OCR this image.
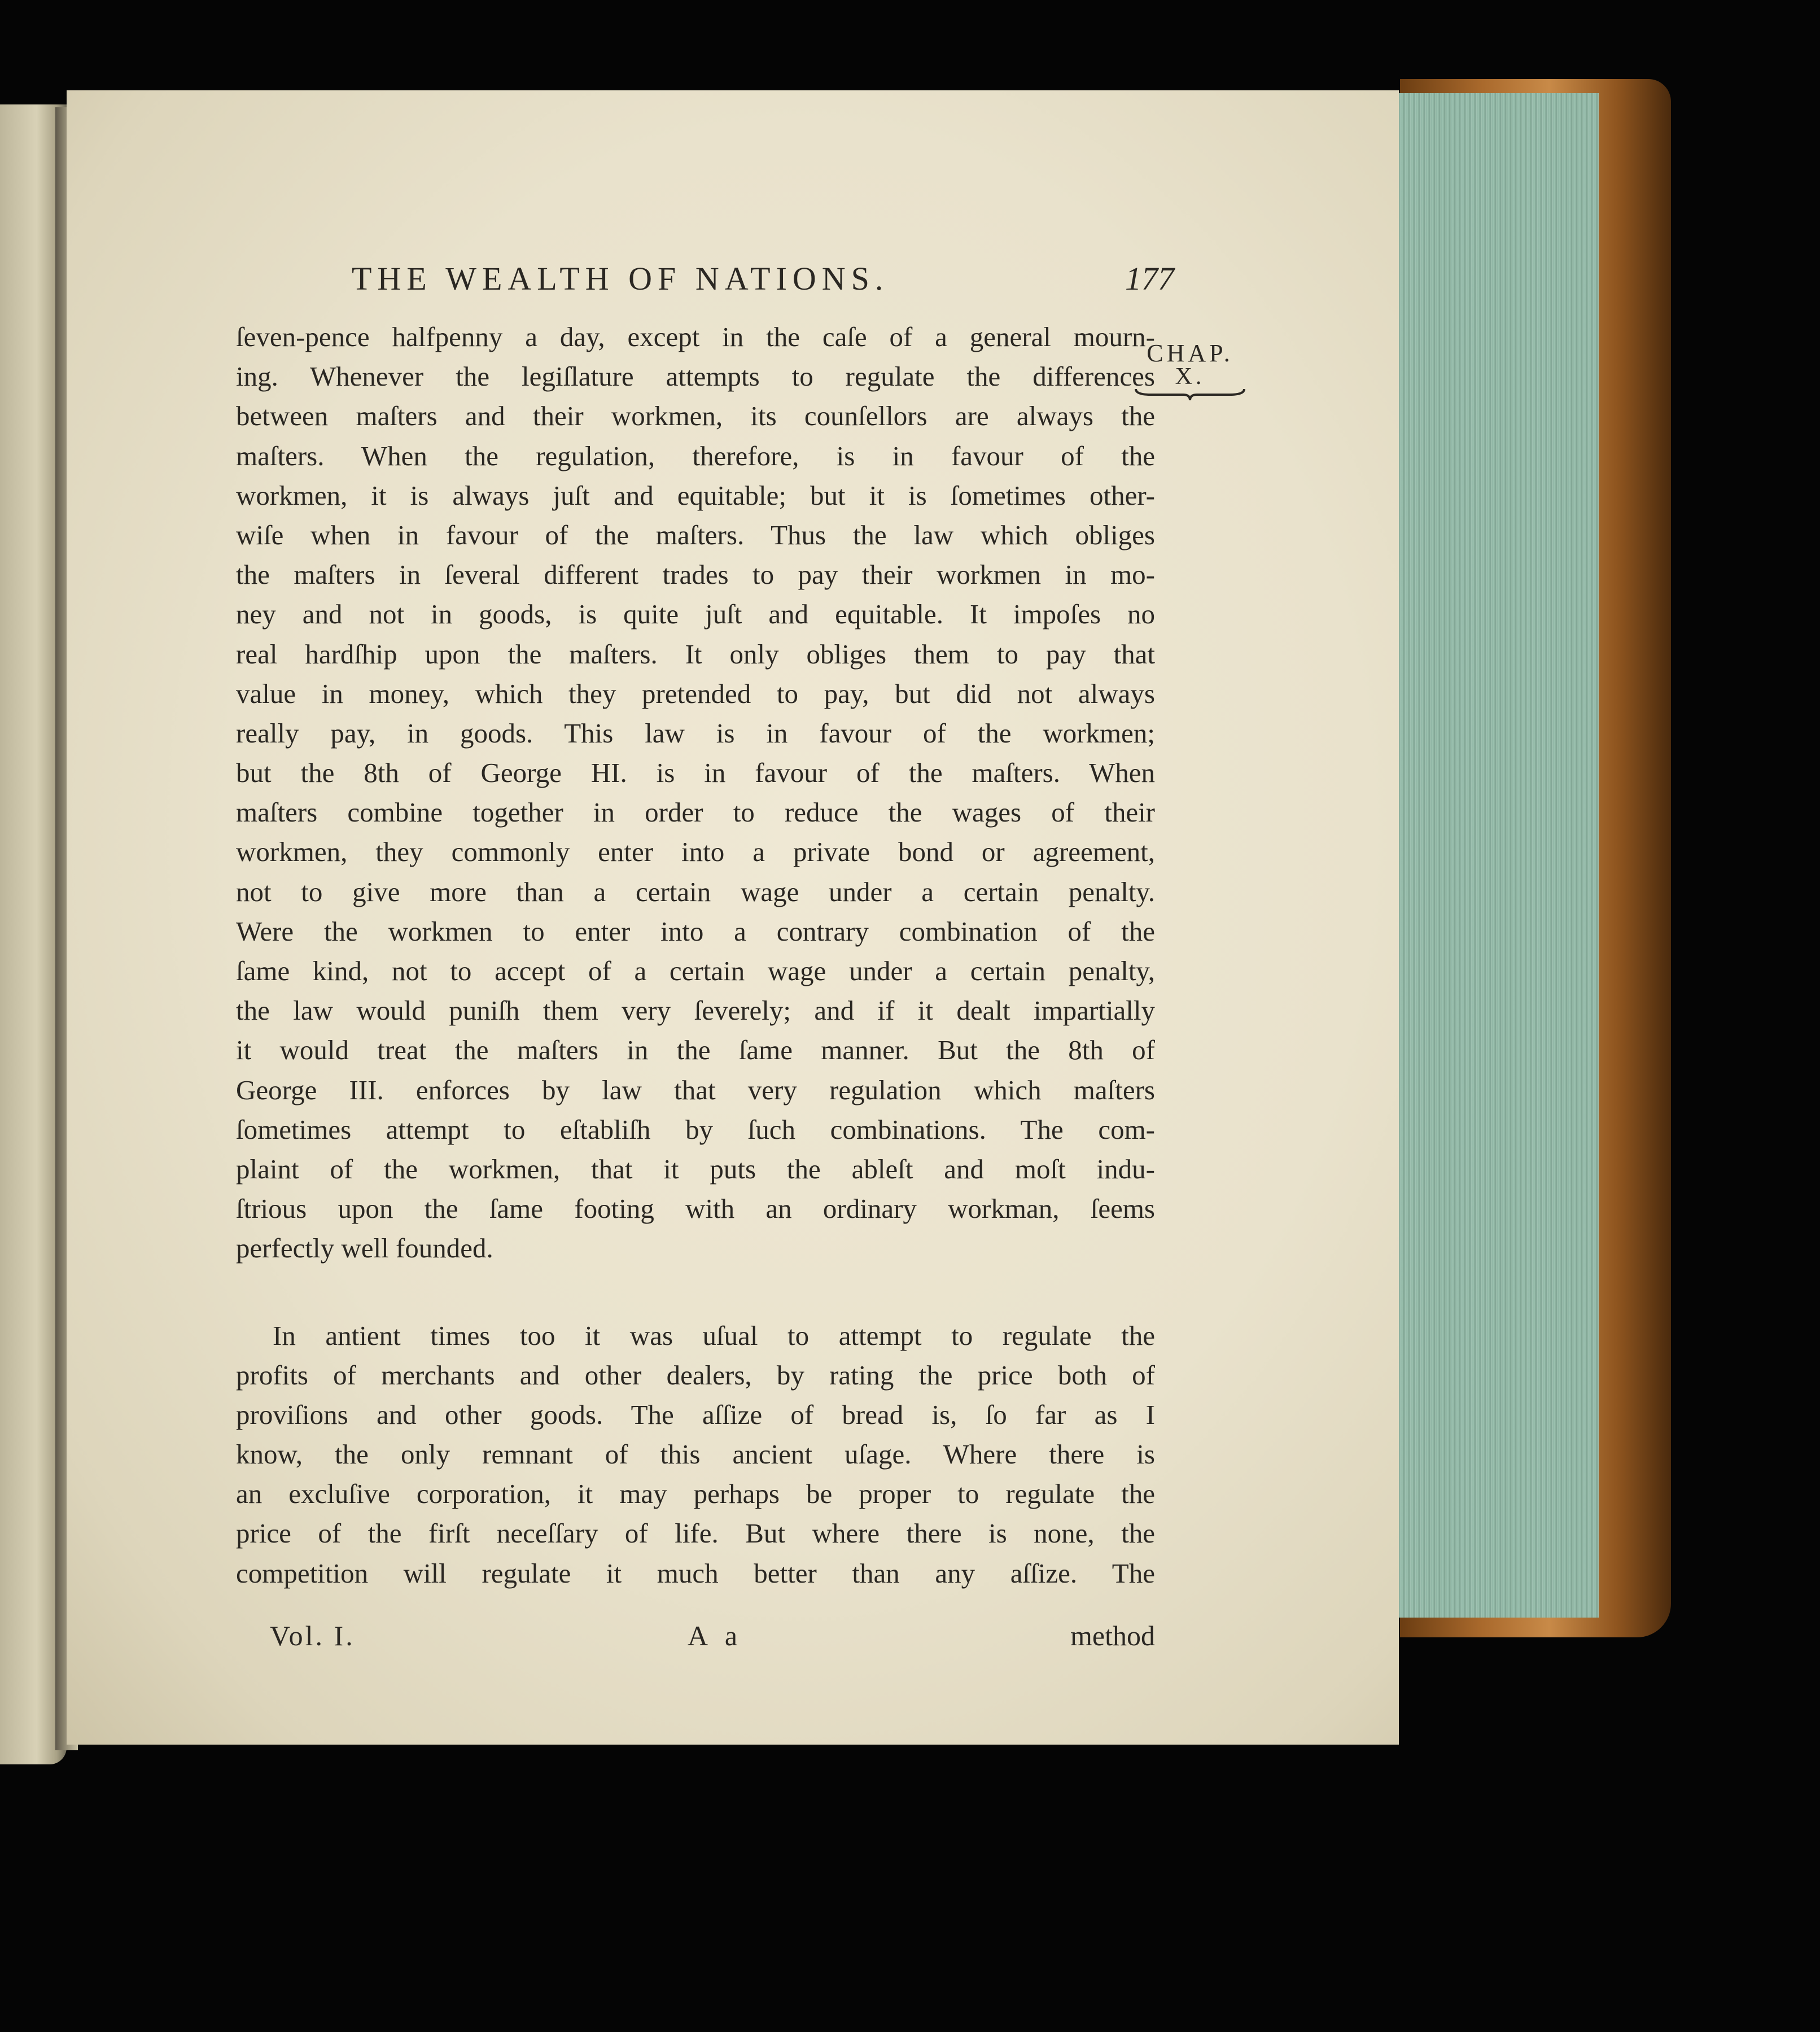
THE WEALTH OF NATIONS.	177
CHAP.
X.
ſeven-pence halfpenny a day, except in the caſe of a general mourn-
ing. Whenever the legiſlature attempts to regulate the differences
between maſters and their workmen, its counſellors are always the
maſters. When the regulation, therefore, is in favour of the
workmen, it is always juſt and equitable; but it is ſometimes other-
wiſe when in favour of the maſters. Thus the law which obliges
the maſters in ſeveral different trades to pay their workmen in mo-
ney and not in goods, is quite juſt and equitable. It impoſes no
real hardſhip upon the maſters. It only obliges them to pay that
value in money, which they pretended to pay, but did not always
really pay, in goods. This law is in favour of the workmen;
but the 8th of George HI. is in favour of the maſters. When
maſters combine together in order to reduce the wages of their
workmen, they commonly enter into a private bond or agreement,
not to give more than a certain wage under a certain penalty.
Were the workmen to enter into a contrary combination of the
ſame kind, not to accept of a certain wage under a certain penalty,
the law would puniſh them very ſeverely; and if it dealt impartially
it would treat the maſters in the ſame manner. But the 8th of
George III. enforces by law that very regulation which maſters
ſometimes attempt to eſtabliſh by ſuch combinations. The com-
plaint of the workmen, that it puts the ableſt and moſt indu-
ſtrious upon the ſame footing with an ordinary workman, ſeems
perfectly well founded.
In antient times too it was uſual to attempt to regulate the
profits of merchants and other dealers, by rating the price both of
proviſions and other goods. The aſſize of bread is, ſo far as I
know, the only remnant of this ancient uſage. Where there is
an excluſive corporation, it may perhaps be proper to regulate the
price of the firſt neceſſary of life. But where there is none, the
competition will regulate it much better than any aſſize. The
Vol. I.	A a	method
